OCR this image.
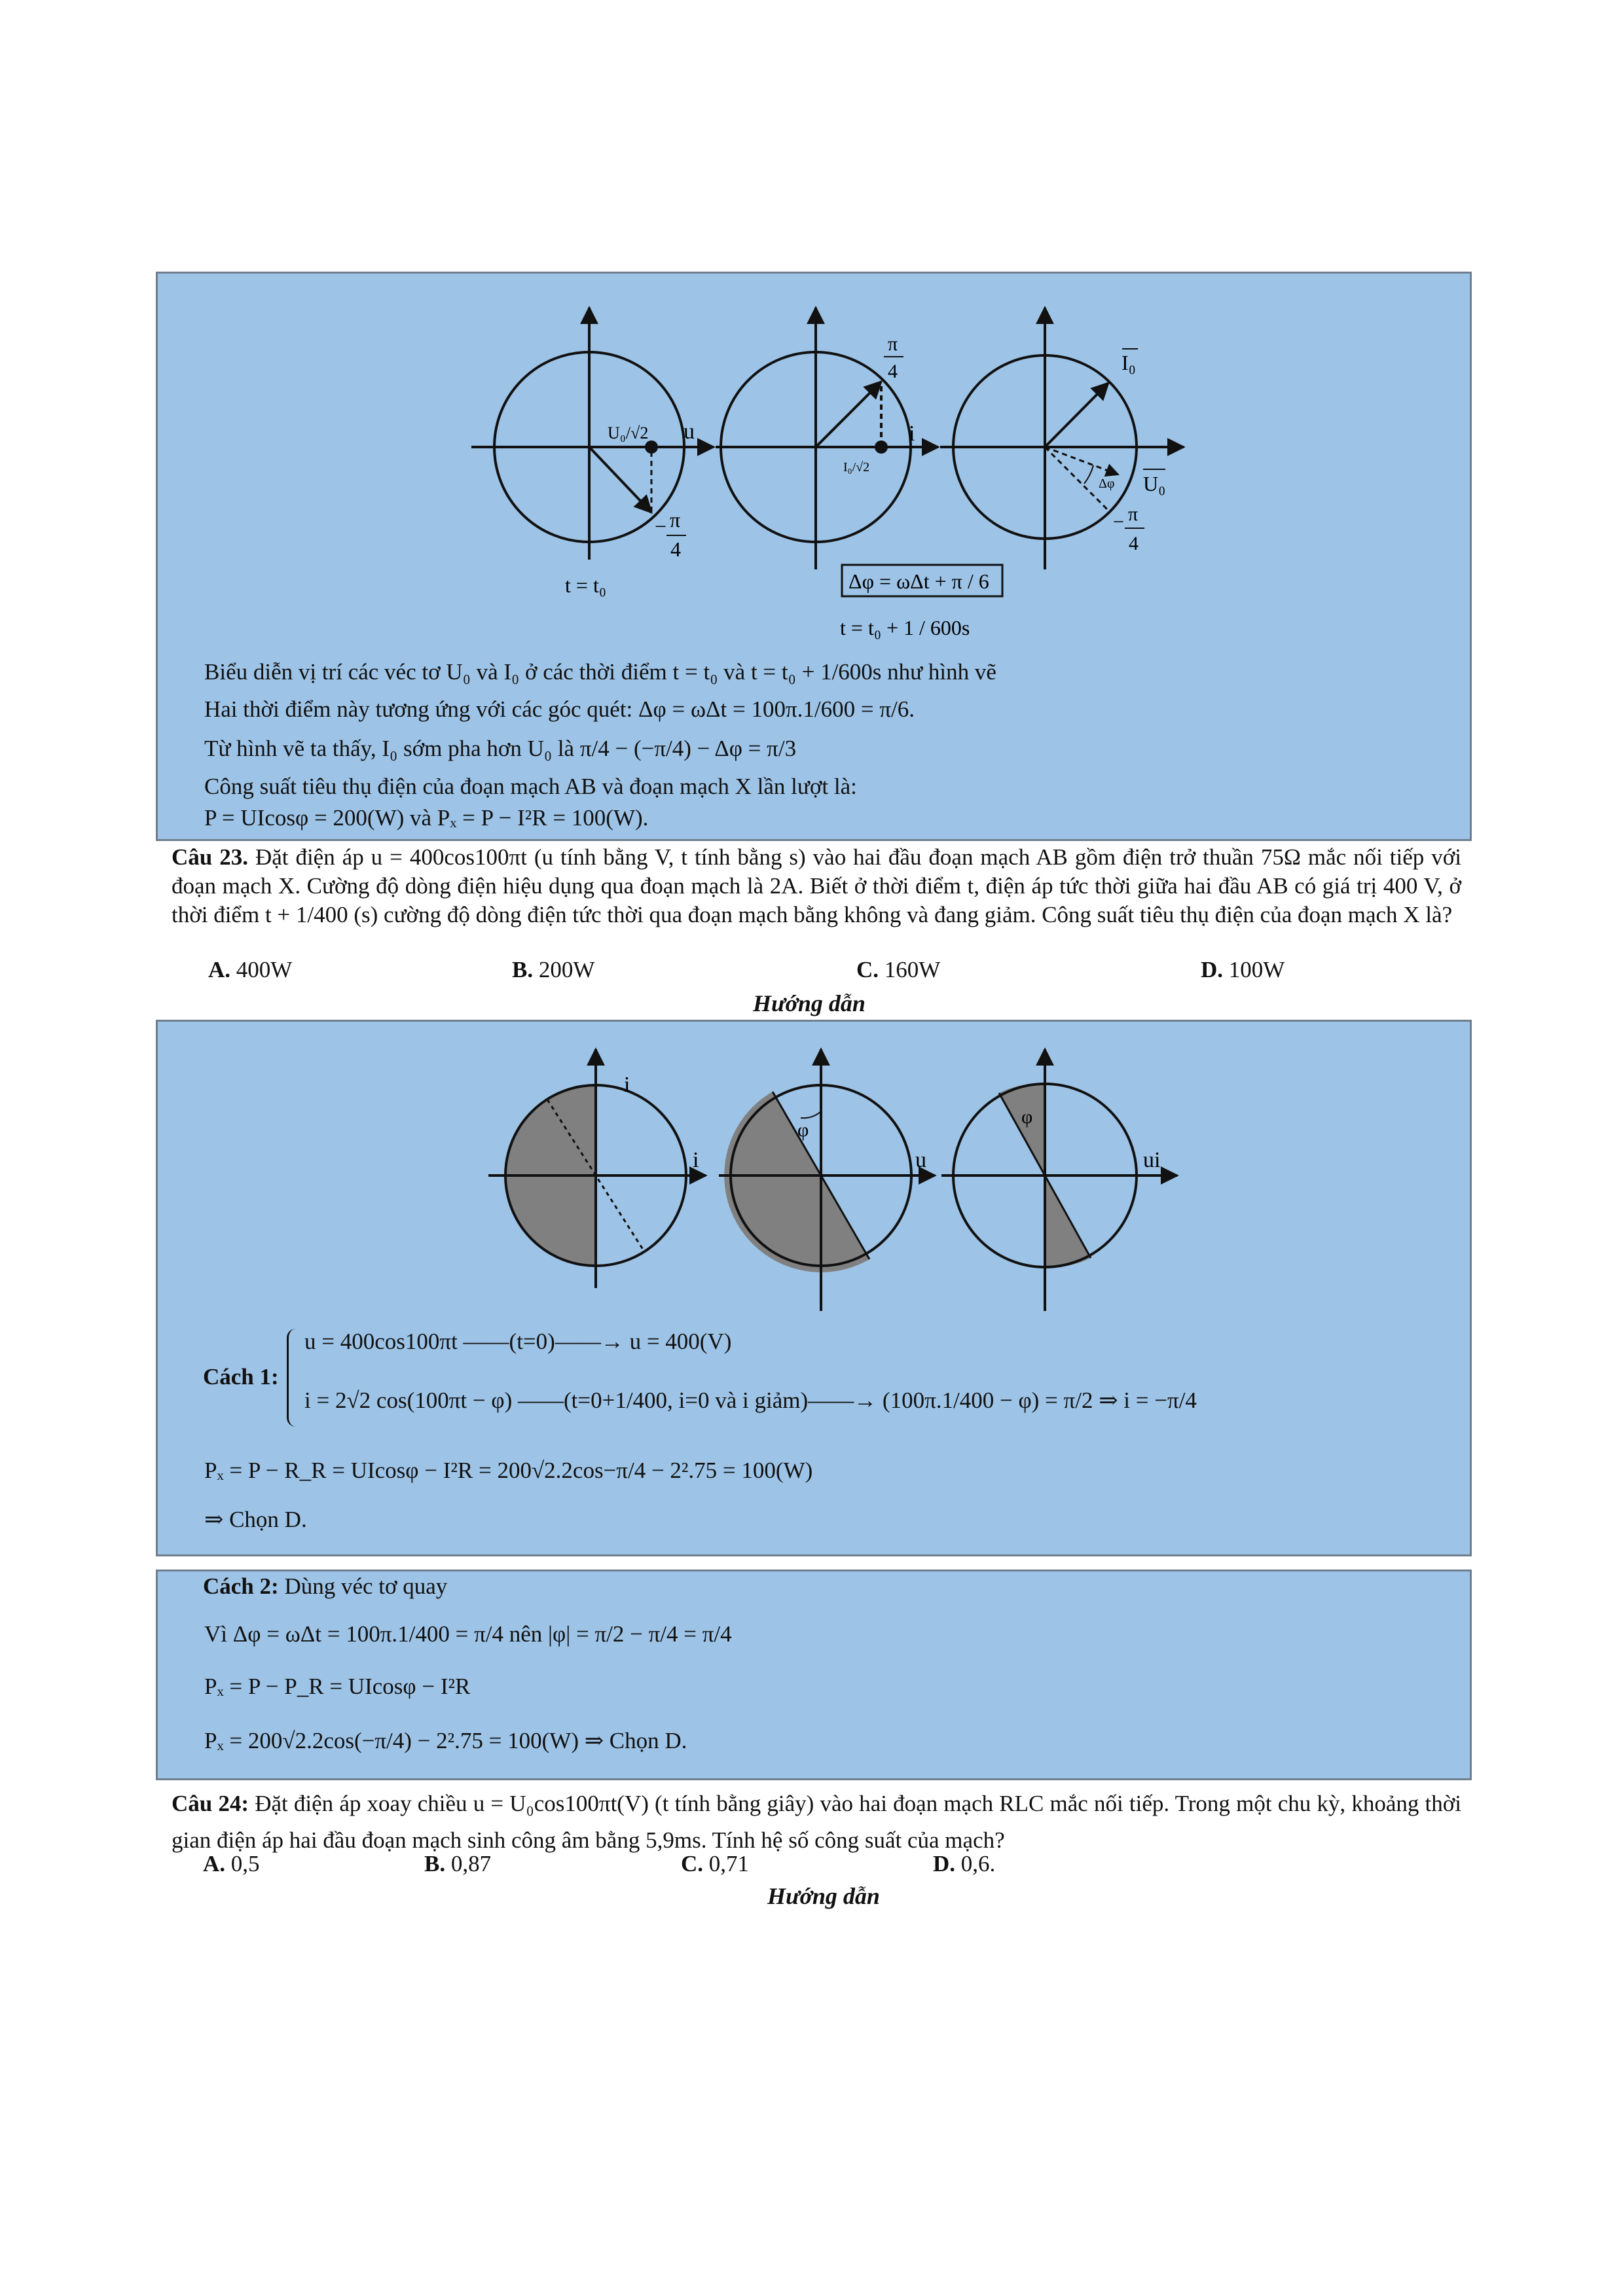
U₀/√2 u
− π
4
t = t₀
π
4
I₀/√2
i
Δφ = ωΔt + π / 6
t = t₀ + 1 / 600s
Δφ
I₀
U₀
− π
4
Biểu diễn vị trí các véc tơ U₀ và I₀ ở các thời điểm t = t₀ và t = t₀ + 1/600s như hình vẽ
Hai thời điểm này tương ứng với các góc quét: Δφ = ωΔt = 100π.1/600 = π/6.
Từ hình vẽ ta thấy, I₀ sớm pha hơn U₀ là π/4 − (−π/4) − Δφ = π/3
Công suất tiêu thụ điện của đoạn mạch AB và đoạn mạch X lần lượt là:
P = UIcosφ = 200(W) và Pₓ = P − I²R = 100(W).
Câu 23. Đặt điện áp u = 400cos100πt (u tính bằng V, t tính bằng s) vào hai đầu đoạn mạch AB gồm điện trở thuần 75Ω mắc nối tiếp với đoạn mạch X. Cường độ dòng điện hiệu dụng qua đoạn mạch là 2A. Biết ở thời điểm t, điện áp tức thời giữa hai đầu AB có giá trị 400 V, ở thời điểm t + 1/400 (s) cường độ dòng điện tức thời qua đoạn mạch bằng không và đang giảm. Công suất tiêu thụ điện của đoạn mạch X là?
A. 400W	B. 200W	C. 160W	D. 100W
Hướng dẫn
i
i
φ
u
φ
ui
Cách 1:
u = 400cos100πt ——(t=0)——→ u = 400(V)
i = 2√2 cos(100πt − φ) ——(t=0+1/400, i=0 và i giảm)——→ (100π.1/400 − φ) = π/2 ⇒ i = −π/4
Pₓ = P − R_R = UIcosφ − I²R = 200√2.2cos−π/4 − 2².75 = 100(W)
⇒ Chọn D.
Cách 2: Dùng véc tơ quay
Vì Δφ = ωΔt = 100π.1/400 = π/4 nên |φ| = π/2 − π/4 = π/4
Pₓ = P − P_R = UIcosφ − I²R
Pₓ = 200√2.2cos(−π/4) − 2².75 = 100(W) ⇒ Chọn D.
Câu 24: Đặt điện áp xoay chiều u = U₀cos100πt(V) (t tính bằng giây) vào hai đoạn mạch RLC mắc nối tiếp. Trong một chu kỳ, khoảng thời gian điện áp hai đầu đoạn mạch sinh công âm bằng 5,9ms. Tính hệ số công suất của mạch?
A. 0,5	B. 0,87	C. 0,71	D. 0,6.
Hướng dẫn
